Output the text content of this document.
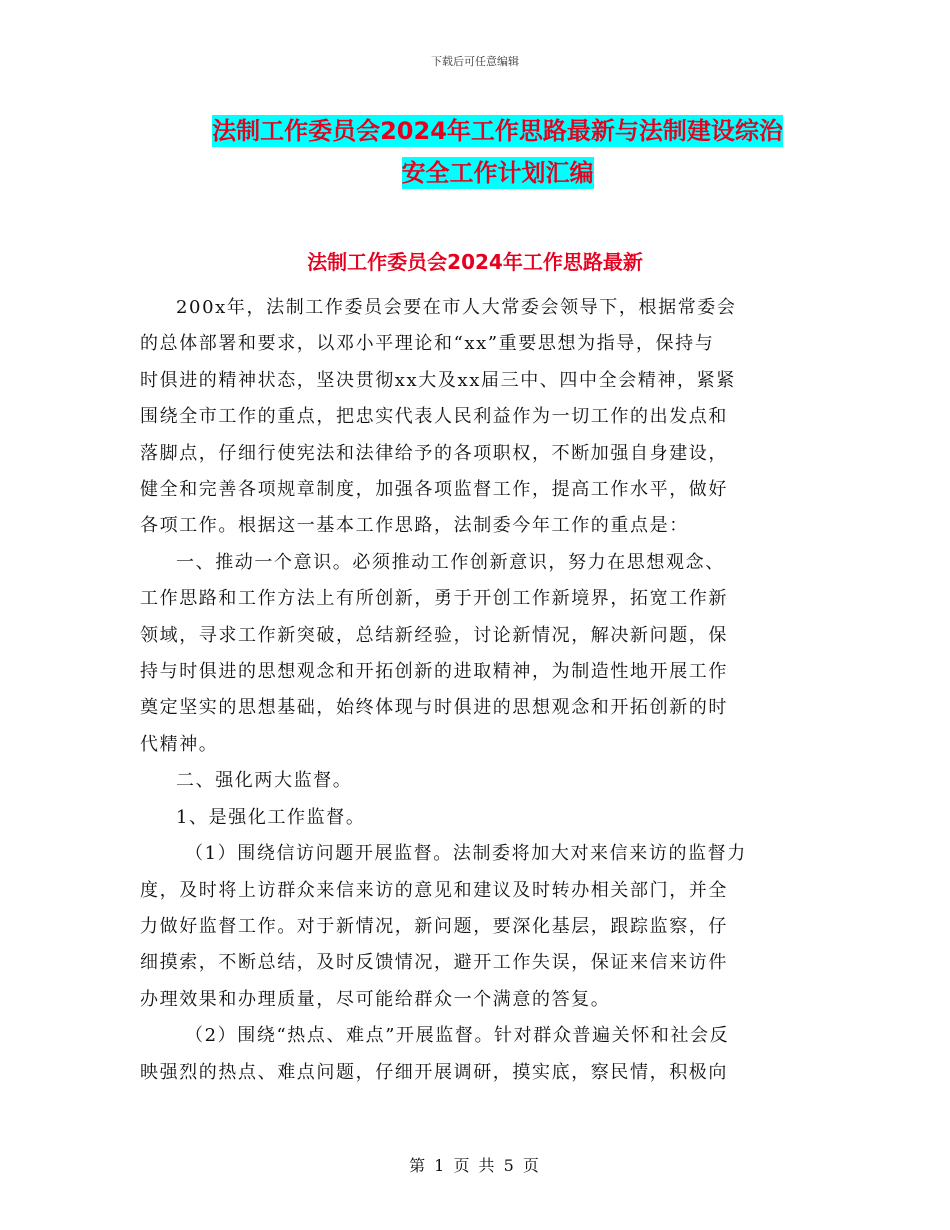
下载后可任意编辑
法制工作委员会2024年工作思路最新与法制建设综治
安全工作计划汇编
法制工作委员会2024年工作思路最新

200x年，法制工作委员会要在市人大常委会领导下，根据常委会
的总体部署和要求，以邓小平理论和“xx”重要思想为指导，保持与
时俱进的精神状态，坚决贯彻xx大及xx届三中、四中全会精神，紧紧
围绕全市工作的重点，把忠实代表人民利益作为一切工作的出发点和
落脚点，仔细行使宪法和法律给予的各项职权，不断加强自身建设，
健全和完善各项规章制度，加强各项监督工作，提高工作水平，做好
各项工作。根据这一基本工作思路，法制委今年工作的重点是：

一、推动一个意识。必须推动工作创新意识，努力在思想观念、
工作思路和工作方法上有所创新，勇于开创工作新境界，拓宽工作新
领域，寻求工作新突破，总结新经验，讨论新情况，解决新问题，保
持与时俱进的思想观念和开拓创新的进取精神，为制造性地开展工作
奠定坚实的思想基础，始终体现与时俱进的思想观念和开拓创新的时
代精神。

二、强化两大监督。

1、是强化工作监督。

（1）围绕信访问题开展监督。法制委将加大对来信来访的监督力
度，及时将上访群众来信来访的意见和建议及时转办相关部门，并全
力做好监督工作。对于新情况，新问题，要深化基层，跟踪监察，仔
细摸索，不断总结，及时反馈情况，避开工作失误，保证来信来访件
办理效果和办理质量，尽可能给群众一个满意的答复。

（2）围绕“热点、难点”开展监督。针对群众普遍关怀和社会反
映强烈的热点、难点问题，仔细开展调研，摸实底，察民情，积极向

第 1 页 共 5 页
